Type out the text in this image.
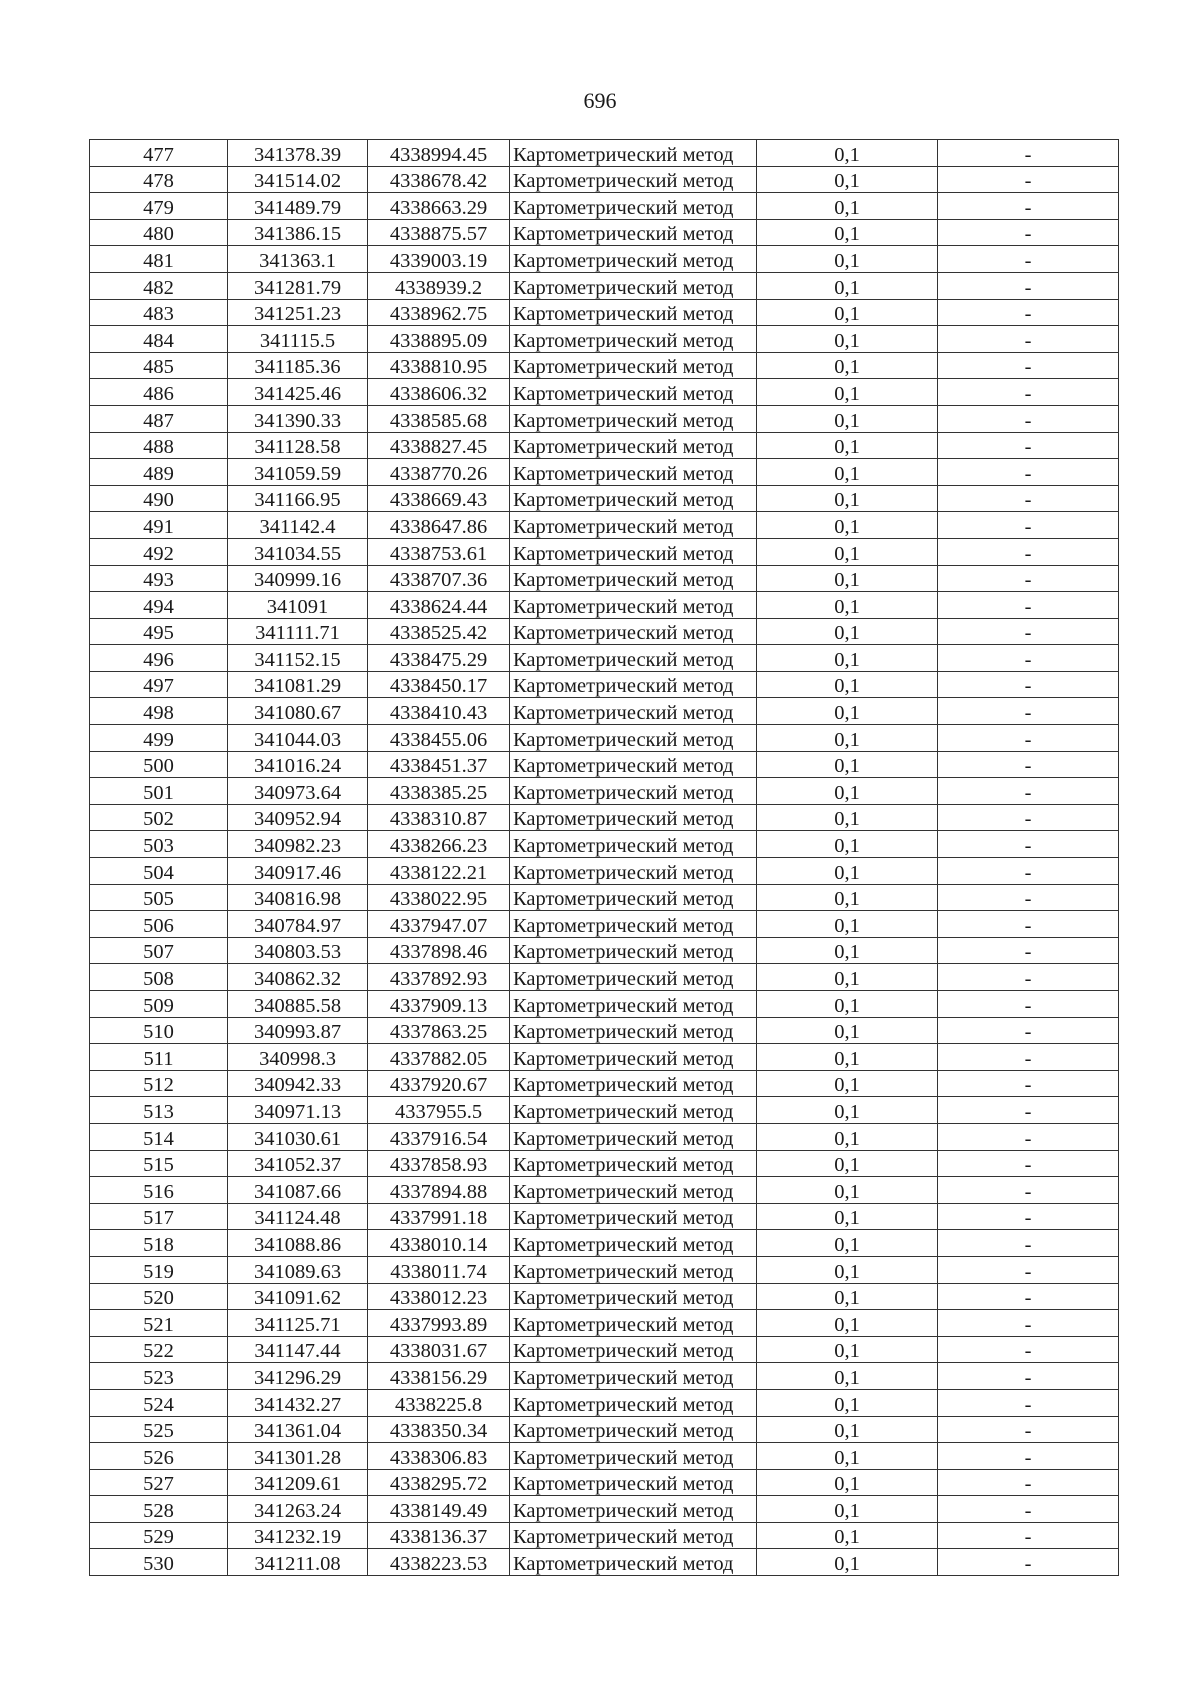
696
477	341378.39	4338994.45	Картометрический метод	0,1	-
478	341514.02	4338678.42	Картометрический метод	0,1	-
479	341489.79	4338663.29	Картометрический метод	0,1	-
480	341386.15	4338875.57	Картометрический метод	0,1	-
481	341363.1	4339003.19	Картометрический метод	0,1	-
482	341281.79	4338939.2	Картометрический метод	0,1	-
483	341251.23	4338962.75	Картометрический метод	0,1	-
484	341115.5	4338895.09	Картометрический метод	0,1	-
485	341185.36	4338810.95	Картометрический метод	0,1	-
486	341425.46	4338606.32	Картометрический метод	0,1	-
487	341390.33	4338585.68	Картометрический метод	0,1	-
488	341128.58	4338827.45	Картометрический метод	0,1	-
489	341059.59	4338770.26	Картометрический метод	0,1	-
490	341166.95	4338669.43	Картометрический метод	0,1	-
491	341142.4	4338647.86	Картометрический метод	0,1	-
492	341034.55	4338753.61	Картометрический метод	0,1	-
493	340999.16	4338707.36	Картометрический метод	0,1	-
494	341091	4338624.44	Картометрический метод	0,1	-
495	341111.71	4338525.42	Картометрический метод	0,1	-
496	341152.15	4338475.29	Картометрический метод	0,1	-
497	341081.29	4338450.17	Картометрический метод	0,1	-
498	341080.67	4338410.43	Картометрический метод	0,1	-
499	341044.03	4338455.06	Картометрический метод	0,1	-
500	341016.24	4338451.37	Картометрический метод	0,1	-
501	340973.64	4338385.25	Картометрический метод	0,1	-
502	340952.94	4338310.87	Картометрический метод	0,1	-
503	340982.23	4338266.23	Картометрический метод	0,1	-
504	340917.46	4338122.21	Картометрический метод	0,1	-
505	340816.98	4338022.95	Картометрический метод	0,1	-
506	340784.97	4337947.07	Картометрический метод	0,1	-
507	340803.53	4337898.46	Картометрический метод	0,1	-
508	340862.32	4337892.93	Картометрический метод	0,1	-
509	340885.58	4337909.13	Картометрический метод	0,1	-
510	340993.87	4337863.25	Картометрический метод	0,1	-
511	340998.3	4337882.05	Картометрический метод	0,1	-
512	340942.33	4337920.67	Картометрический метод	0,1	-
513	340971.13	4337955.5	Картометрический метод	0,1	-
514	341030.61	4337916.54	Картометрический метод	0,1	-
515	341052.37	4337858.93	Картометрический метод	0,1	-
516	341087.66	4337894.88	Картометрический метод	0,1	-
517	341124.48	4337991.18	Картометрический метод	0,1	-
518	341088.86	4338010.14	Картометрический метод	0,1	-
519	341089.63	4338011.74	Картометрический метод	0,1	-
520	341091.62	4338012.23	Картометрический метод	0,1	-
521	341125.71	4337993.89	Картометрический метод	0,1	-
522	341147.44	4338031.67	Картометрический метод	0,1	-
523	341296.29	4338156.29	Картометрический метод	0,1	-
524	341432.27	4338225.8	Картометрический метод	0,1	-
525	341361.04	4338350.34	Картометрический метод	0,1	-
526	341301.28	4338306.83	Картометрический метод	0,1	-
527	341209.61	4338295.72	Картометрический метод	0,1	-
528	341263.24	4338149.49	Картометрический метод	0,1	-
529	341232.19	4338136.37	Картометрический метод	0,1	-
530	341211.08	4338223.53	Картометрический метод	0,1	-
